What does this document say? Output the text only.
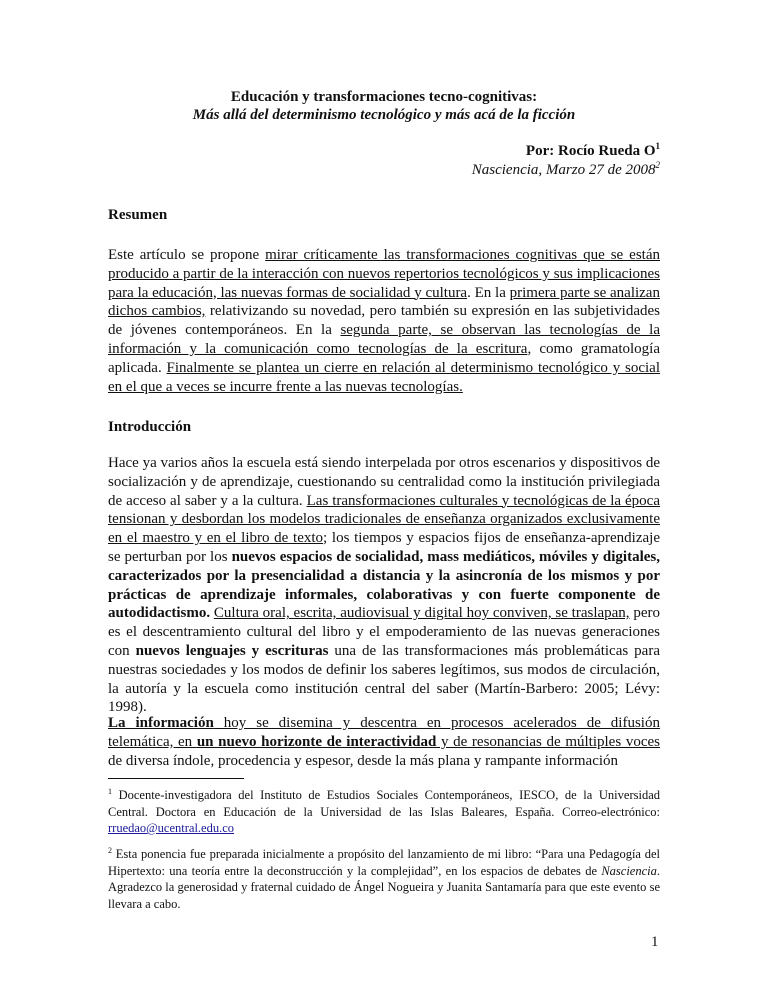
Educación y transformaciones tecno-cognitivas:
Más allá del determinismo tecnológico y más acá de la ficción
Por: Rocío Rueda $O^1$
Nasciencia, Marzo 27 de 2008$^2$
Resumen

Este artículo se propone mirar críticamente las transformaciones cognitivas que se están producido a partir de la interacción con nuevos repertorios tecnológicos y sus implicaciones para la educación, las nuevas formas de socialidad y cultura. En la primera parte se analizan dichos cambios, relativizando su novedad, pero también su expresión en las subjetividades de jóvenes contemporáneos. En la segunda parte, se observan las tecnologías de la información y la comunicación como tecnologías de la escritura, como gramatología aplicada. Finalmente se plantea un cierre en relación al determinismo tecnológico y social en el que a veces se incurre frente a las nuevas tecnologías.

Introducción

Hace ya varios años la escuela está siendo interpelada por otros escenarios y dispositivos de socialización y de aprendizaje, cuestionando su centralidad como la institución privilegiada de acceso al saber y a la cultura. Las transformaciones culturales y tecnológicas de la época tensionan y desbordan los modelos tradicionales de enseñanza organizados exclusivamente en el maestro y en el libro de texto; los tiempos y espacios fijos de enseñanza-aprendizaje se perturban por los nuevos espacios de socialidad, mass mediáticos, móviles y digitales, caracterizados por la presencialidad a distancia y la asincronía de los mismos y por prácticas de aprendizaje informales, colaborativas y con fuerte componente de autodidactismo. Cultura oral, escrita, audiovisual y digital hoy conviven, se traslapan, pero es el descentramiento cultural del libro y el empoderamiento de las nuevas generaciones con nuevos lenguajes y escrituras una de las transformaciones más problemáticas para nuestras sociedades y los modos de definir los saberes legítimos, sus modos de circulación, la autoría y la escuela como institución central del saber (Martín-Barbero: 2005; Lévy: 1998).

La información hoy se disemina y descentra en procesos acelerados de difusión telemática, en un nuevo horizonte de interactividad y de resonancias de múltiples voces de diversa índole, procedencia y espesor, desde la más plana y rampante información

$^1$ Docente-investigadora del Instituto de Estudios Sociales Contemporáneos, IESCO, de la Universidad Central. Doctora en Educación de la Universidad de las Islas Baleares, España. Correo-electrónico: rruedao@ucentral.edu.co

$^2$ Esta ponencia fue preparada inicialmente a propósito del lanzamiento de mi libro: “Para una Pedagogía del Hipertexto: una teoría entre la deconstrucción y la complejidad”, en los espacios de debates de Nasciencia. Agradezco la generosidad y fraternal cuidado de Ángel Nogueira y Juanita Santamaría para que este evento se llevara a cabo.

1
